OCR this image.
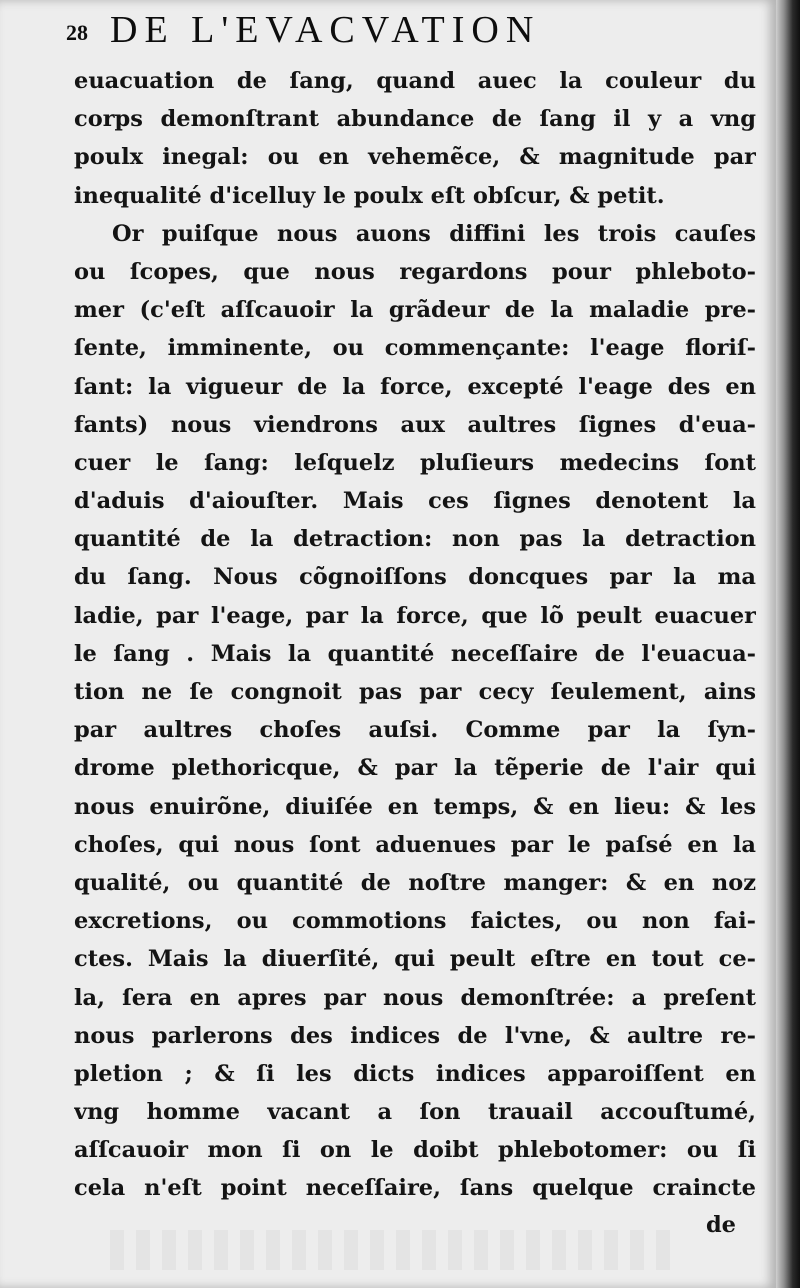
28 DE L'EVACVATION
euacuation de ſang, quand auec la couleur du
corps demonſtrant abundance de ſang il y a vng
poulx inegal: ou en vehemẽce, & magnitude par
inequalité d'icelluy le poulx eſt obſcur, & petit.
Or puiſque nous auons diffini les trois cauſes
ou ſcopes, que nous regardons pour phleboto-
mer (c'eſt aſſcauoir la grãdeur de la maladie pre-
ſente, imminente, ou commençante: l'eage floriſ-
ſant: la vigueur de la force, excepté l'eage des en
fants) nous viendrons aux aultres ſignes d'eua-
cuer le ſang: leſquelz pluſieurs medecins ſont
d'aduis d'aiouſter. Mais ces ſignes denotent la
quantité de la detraction: non pas la detraction
du ſang. Nous cõgnoiſſons doncques par la ma
ladie, par l'eage, par la force, que lõ peult euacuer
le ſang . Mais la quantité neceſſaire de l'euacua-
tion ne ſe congnoit pas par cecy ſeulement, ains
par aultres choſes auſsi. Comme par la ſyn-
drome plethoricque, & par la tẽperie de l'air qui
nous enuirõne, diuiſée en temps, & en lieu: & les
choſes, qui nous ſont aduenues par le paſsé en la
qualité, ou quantité de noſtre manger: & en noz
excretions, ou commotions faictes, ou non fai-
ctes. Mais la diuerſité, qui peult eſtre en tout ce-
la, ſera en apres par nous demonſtrée: a preſent
nous parlerons des indices de l'vne, & aultre re-
pletion ; & ſi les dicts indices apparoiſſent en
vng homme vacant a ſon trauail accouſtumé,
aſſcauoir mon ſi on le doibt phlebotomer: ou ſi
cela n'eſt point neceſſaire, ſans quelque craincte
de
